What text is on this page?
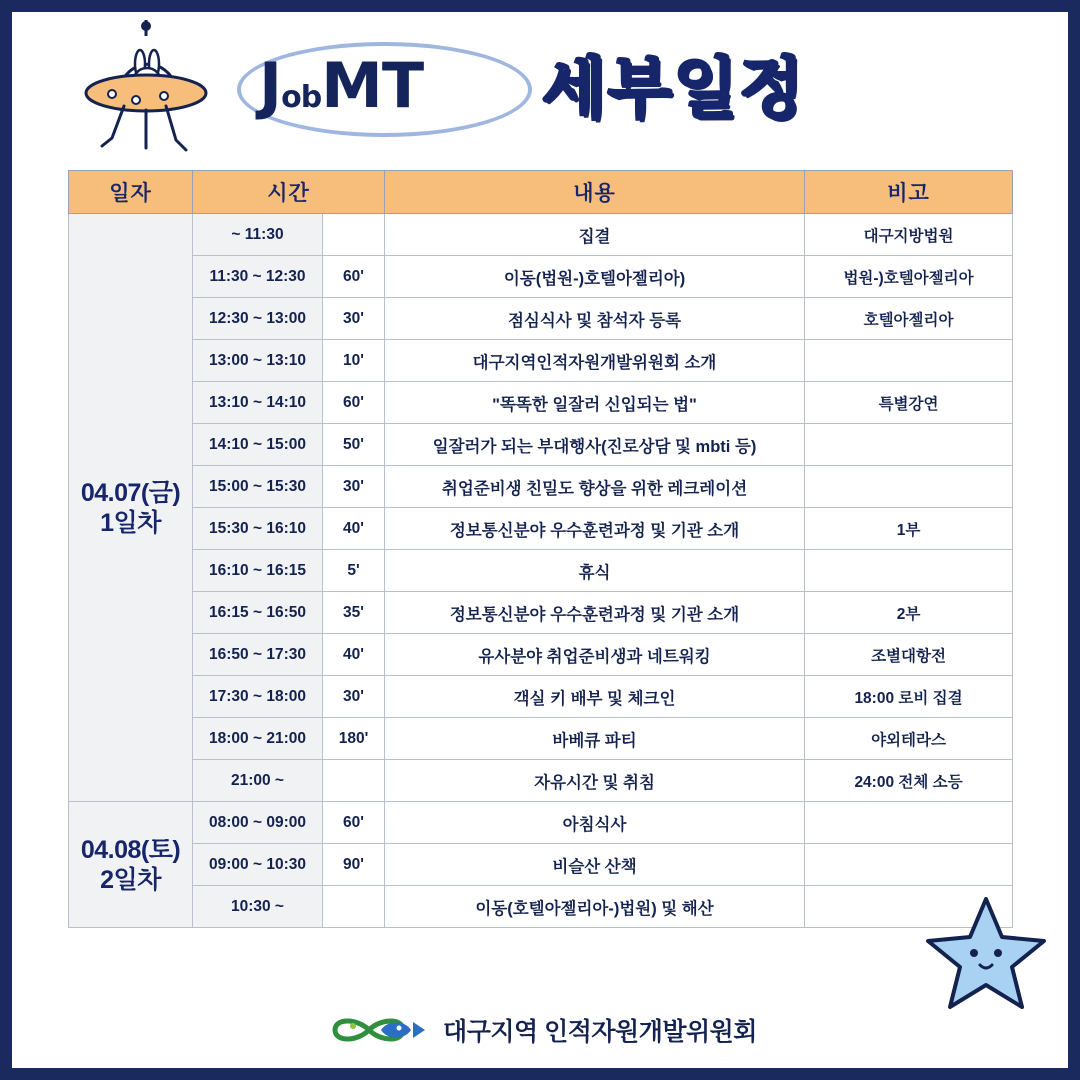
JobMT 세부일정
일자	시간		내용	비고
04.07(금)
1일차	~ 11:30		집결	대구지방법원
	11:30 ~ 12:30	60'	이동(법원-)호텔아젤리아)	법원-)호텔아젤리아
	12:30 ~ 13:00	30'	점심식사 및 참석자 등록	호텔아젤리아
	13:00 ~ 13:10	10'	대구지역인적자원개발위원회 소개	
	13:10 ~ 14:10	60'	"똑똑한 일잘러 신입되는 법"	특별강연
	14:10 ~ 15:00	50'	일잘러가 되는 부대행사(진로상담 및 mbti 등)	
	15:00 ~ 15:30	30'	취업준비생 친밀도 향상을 위한 레크레이션	
	15:30 ~ 16:10	40'	정보통신분야 우수훈련과정 및 기관 소개	1부
	16:10 ~ 16:15	5'	휴식	
	16:15 ~ 16:50	35'	정보통신분야 우수훈련과정 및 기관 소개	2부
	16:50 ~ 17:30	40'	유사분야 취업준비생과 네트워킹	조별대항전
	17:30 ~ 18:00	30'	객실 키 배부 및 체크인	18:00 로비 집결
	18:00 ~ 21:00	180'	바베큐 파티	야외테라스
	21:00 ~		자유시간 및 취침	24:00 전체 소등
04.08(토)
2일차	08:00 ~ 09:00	60'	아침식사	
	09:00 ~ 10:30	90'	비슬산 산책	
	10:30 ~		이동(호텔아젤리아-)법원) 및 해산	
대구지역 인적자원개발위원회
